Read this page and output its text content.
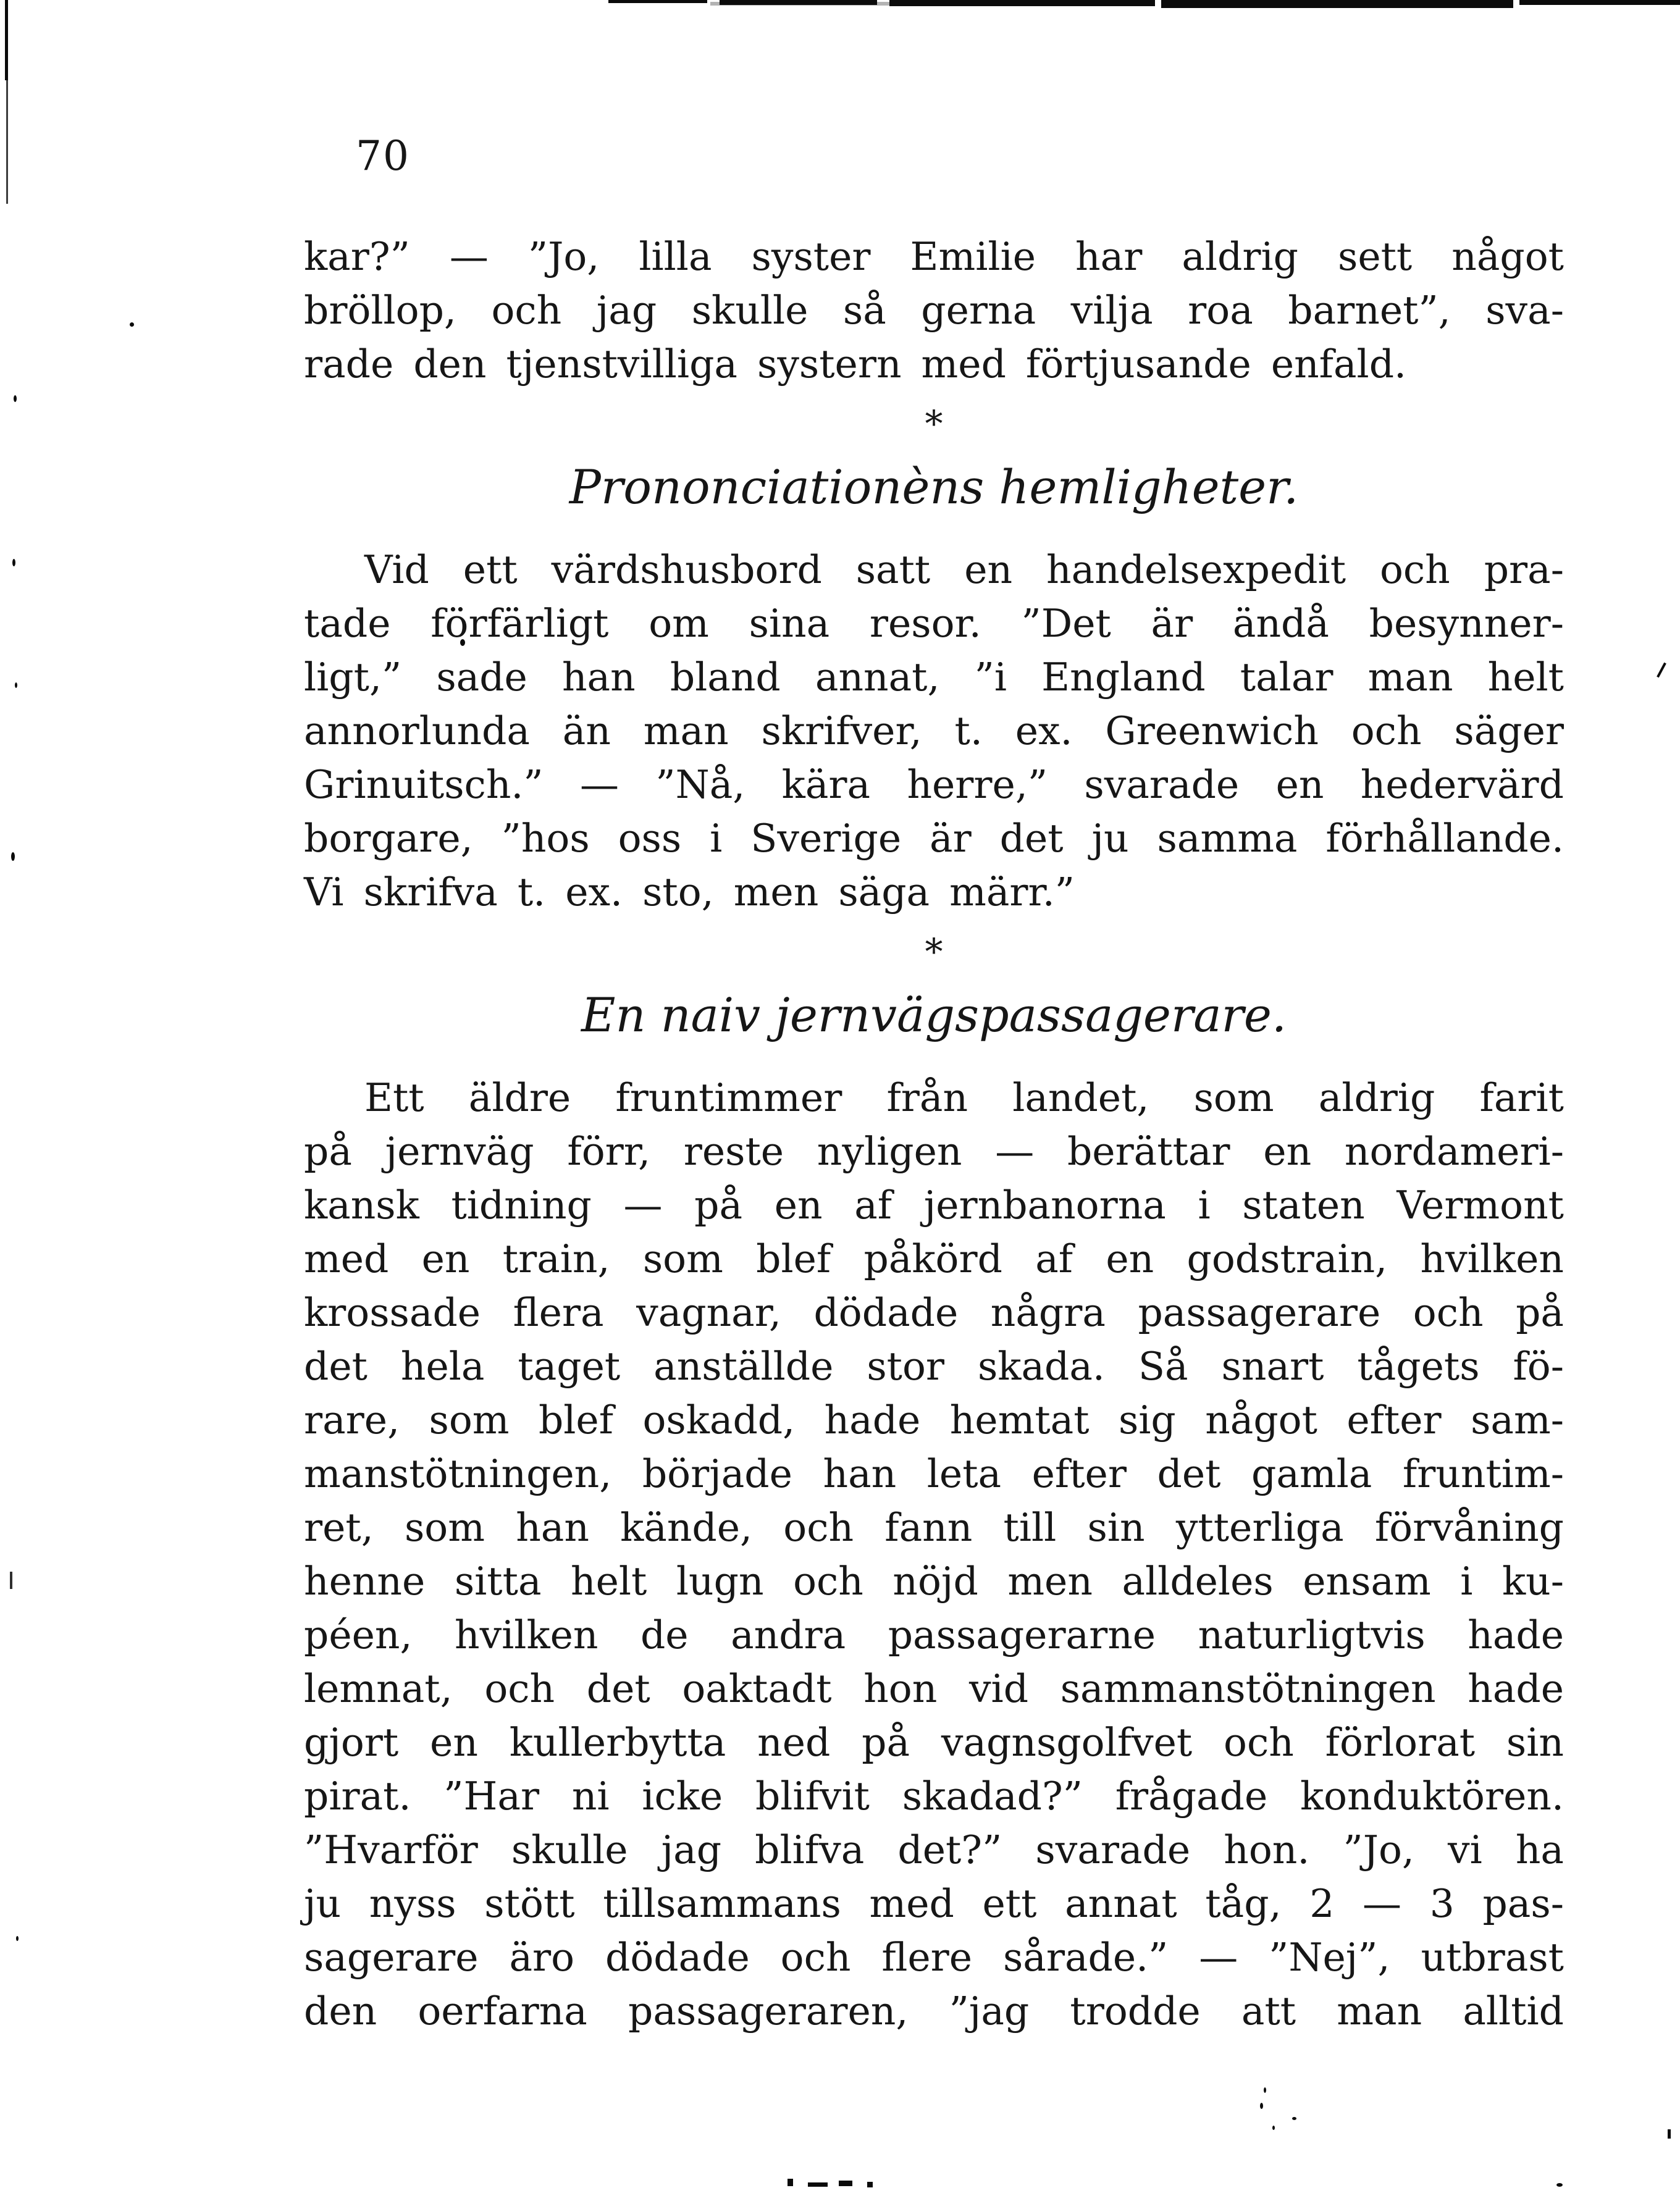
70
kar?” — ”Jo, lilla syster Emilie har aldrig sett något
bröllop, och jag skulle så gerna vilja roa barnet”, sva-
rade den tjenstvilliga systern med förtjusande enfald.
*
Prononciationèns hemligheter.
Vid ett värdshusbord satt en handelsexpedit och pra-
tade förfärligt om sina resor. ”Det är ändå besynner-
ligt,” sade han bland annat, ”i England talar man helt
annorlunda än man skrifver, t. ex. Greenwich och säger
Grinuitsch.” — ”Nå, kära herre,” svarade en hedervärd
borgare, ”hos oss i Sverige är det ju samma förhållande.
Vi skrifva t. ex. sto, men säga märr.”
*
En naiv jernvägspassagerare.
Ett äldre fruntimmer från landet, som aldrig farit
på jernväg förr, reste nyligen — berättar en nordameri-
kansk tidning — på en af jernbanorna i staten Vermont
med en train, som blef påkörd af en godstrain, hvilken
krossade flera vagnar, dödade några passagerare och på
det hela taget anställde stor skada. Så snart tågets fö-
rare, som blef oskadd, hade hemtat sig något efter sam-
manstötningen, började han leta efter det gamla fruntim-
ret, som han kände, och fann till sin ytterliga förvåning
henne sitta helt lugn och nöjd men alldeles ensam i ku-
péen, hvilken de andra passagerarne naturligtvis hade
lemnat, och det oaktadt hon vid sammanstötningen hade
gjort en kullerbytta ned på vagnsgolfvet och förlorat sin
pirat. ”Har ni icke blifvit skadad?” frågade konduktören.
”Hvarför skulle jag blifva det?” svarade hon. ”Jo, vi ha
ju nyss stött tillsammans med ett annat tåg, 2 — 3 pas-
sagerare äro dödade och flere sårade.” — ”Nej”, utbrast
den oerfarna passageraren, ”jag trodde att man alltid
